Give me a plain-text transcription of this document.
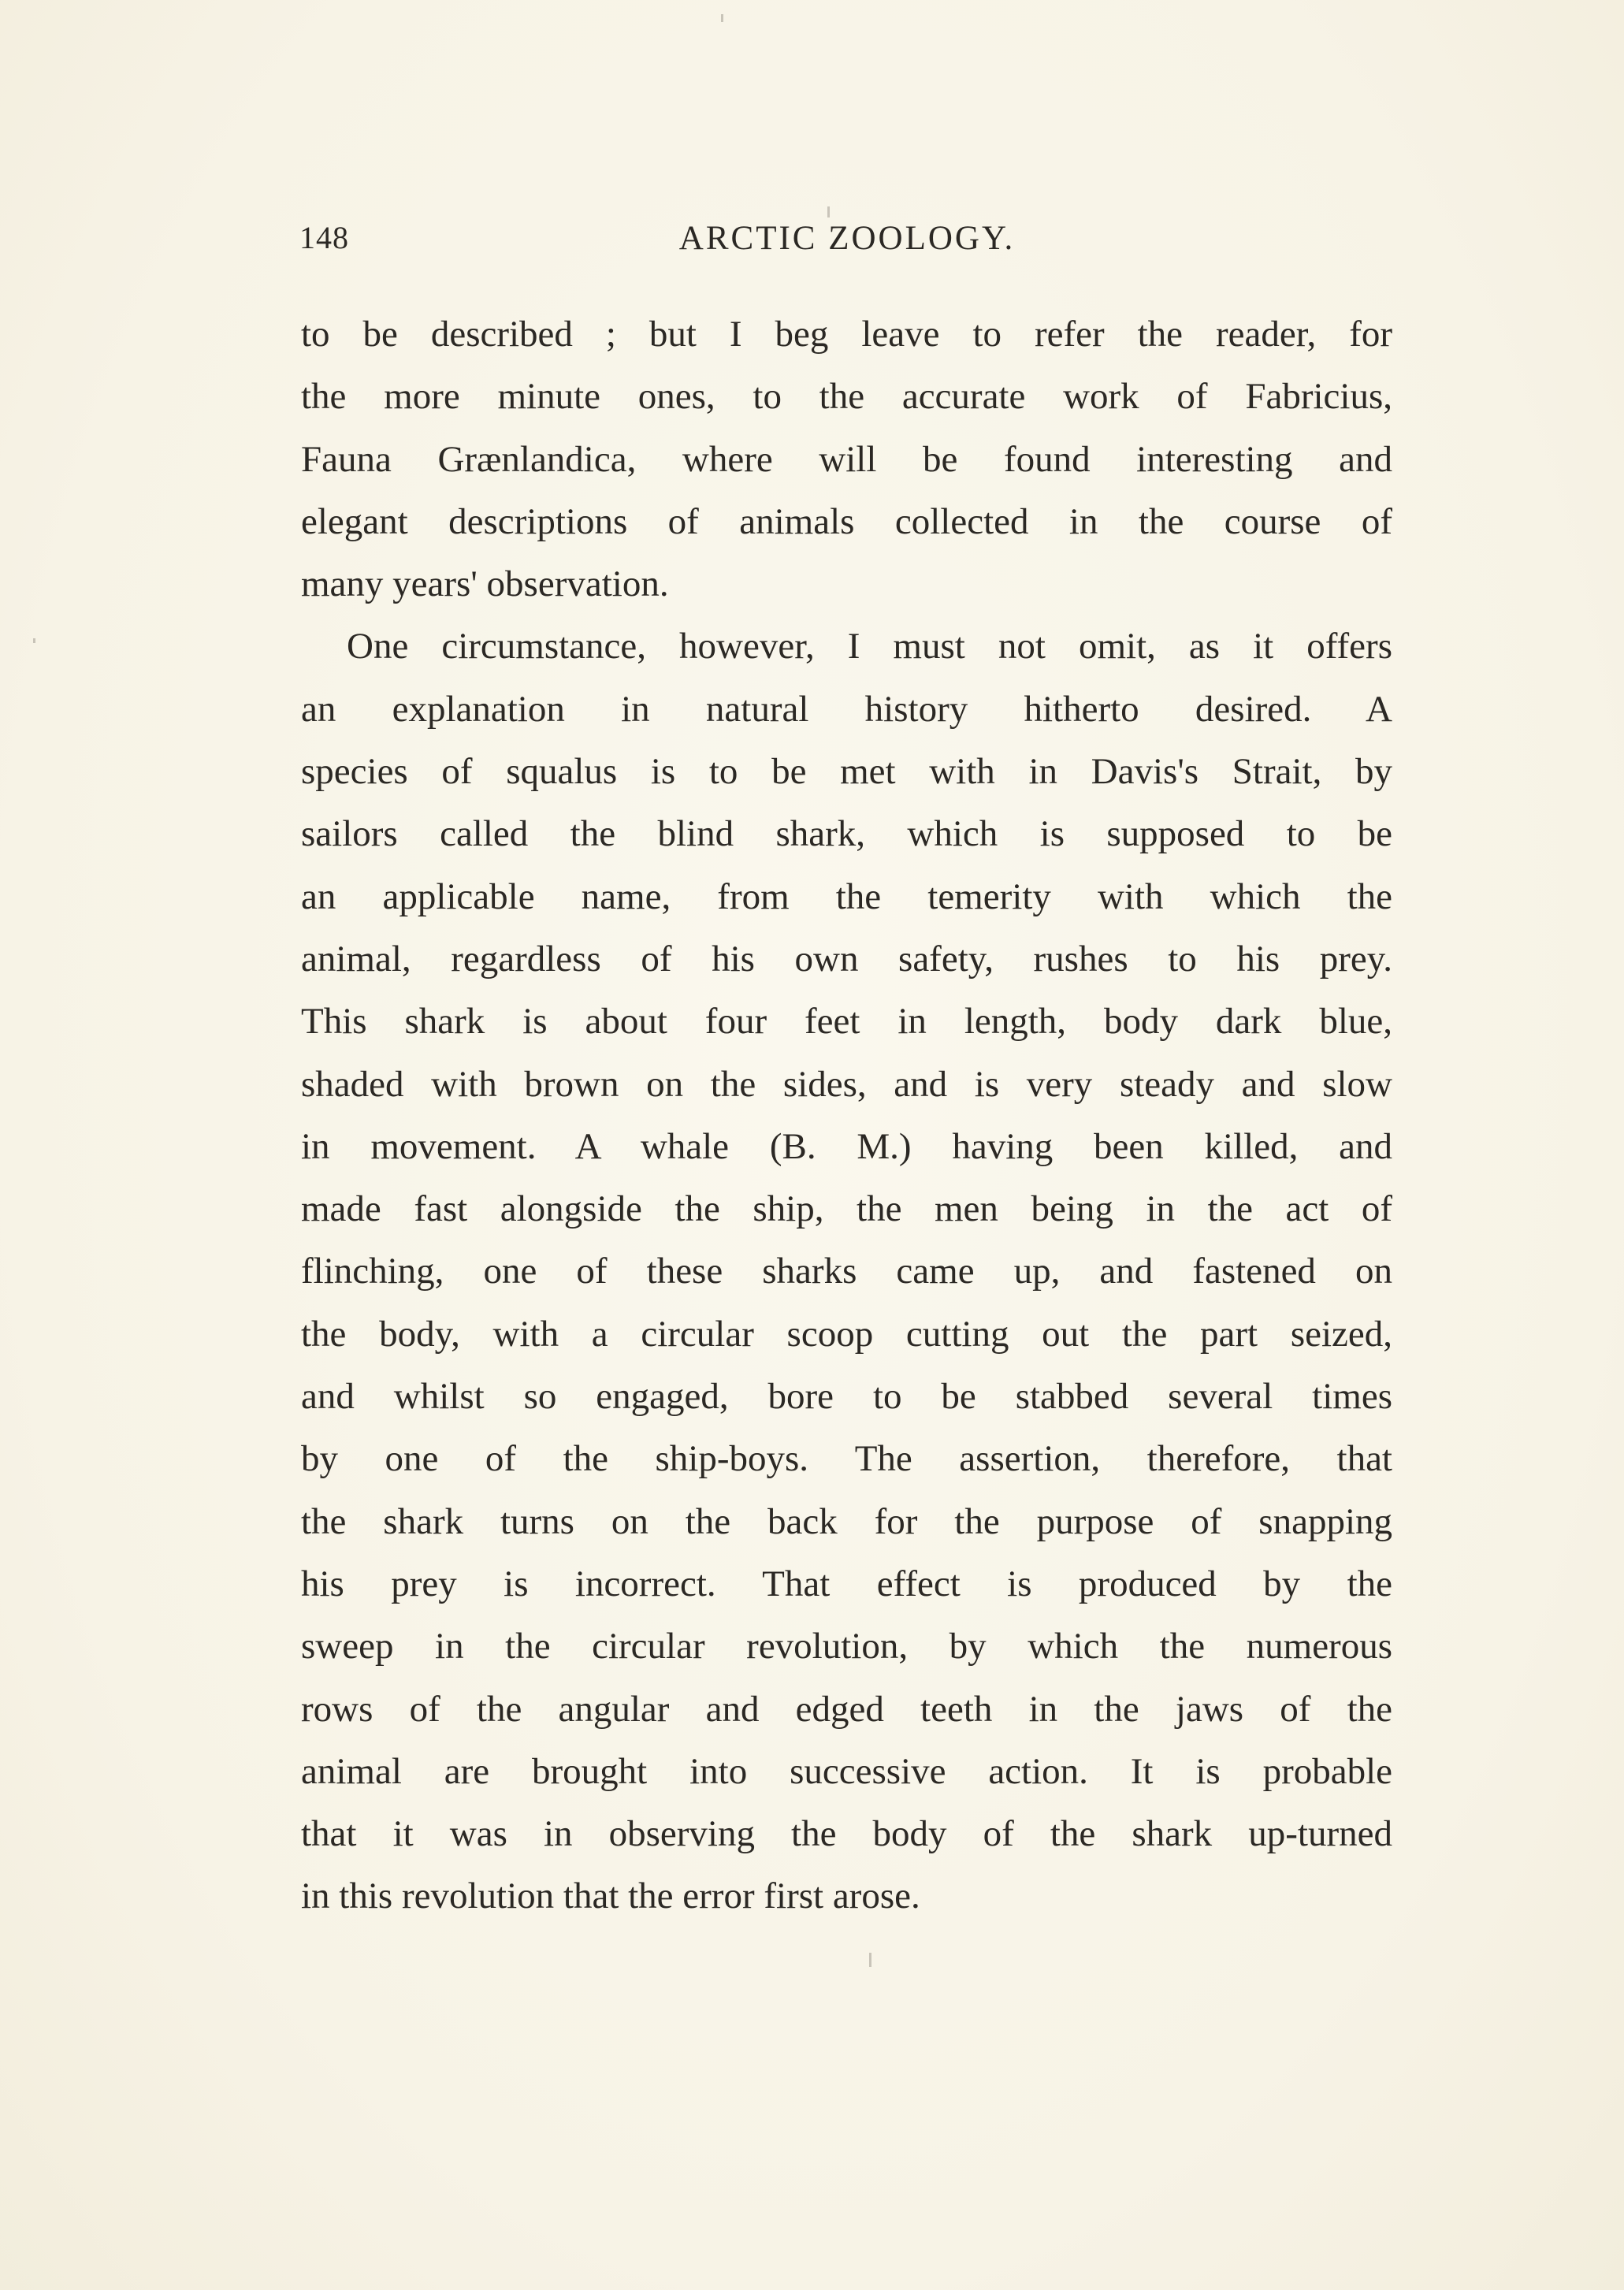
148	ARCTIC ZOOLOGY.
to be described ; but I beg leave to refer the reader, for
the more minute ones, to the accurate work of Fabricius,
Fauna Grænlandica, where will be found interesting and
elegant descriptions of animals collected in the course of
many years' observation.
One circumstance, however, I must not omit, as it offers
an explanation in natural history hitherto desired. A
species of squalus is to be met with in Davis's Strait, by
sailors called the blind shark, which is supposed to be
an applicable name, from the temerity with which the
animal, regardless of his own safety, rushes to his prey.
This shark is about four feet in length, body dark blue,
shaded with brown on the sides, and is very steady and slow
in movement. A whale (B. M.) having been killed, and
made fast alongside the ship, the men being in the act of
flinching, one of these sharks came up, and fastened on
the body, with a circular scoop cutting out the part seized,
and whilst so engaged, bore to be stabbed several times
by one of the ship-boys. The assertion, therefore, that
the shark turns on the back for the purpose of snapping
his prey is incorrect. That effect is produced by the
sweep in the circular revolution, by which the numerous
rows of the angular and edged teeth in the jaws of the
animal are brought into successive action. It is probable
that it was in observing the body of the shark up-turned
in this revolution that the error first arose.
